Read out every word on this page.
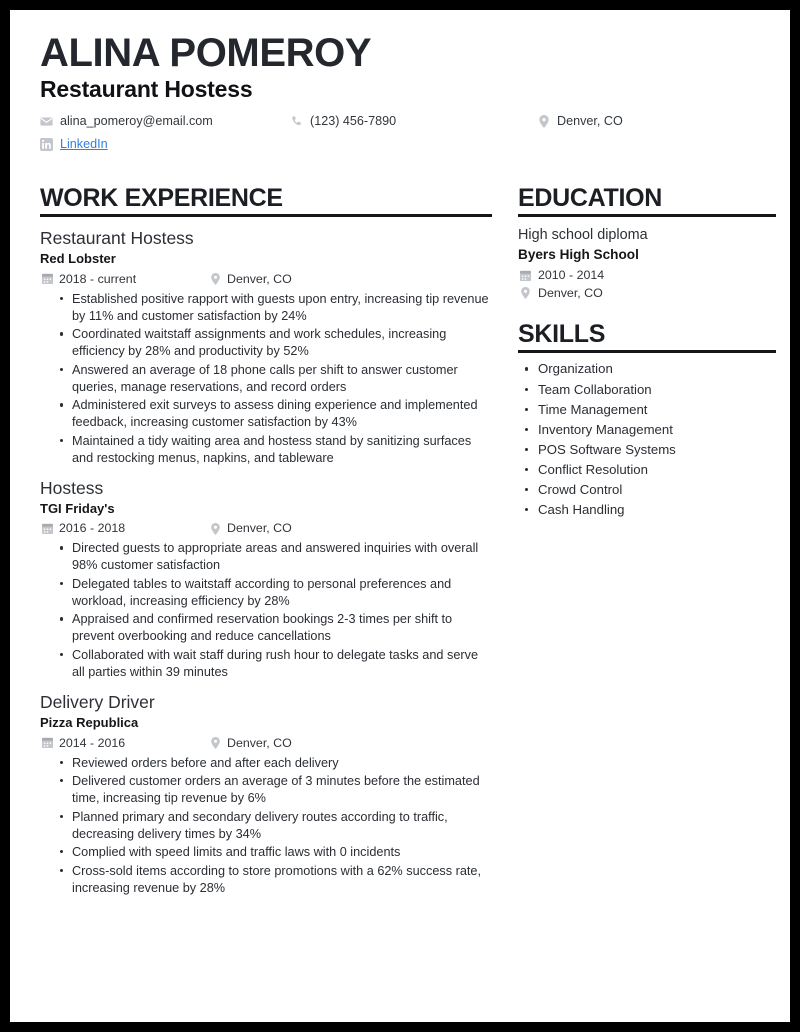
ALINA POMEROY
Restaurant Hostess
alina_pomeroy@email.com	(123) 456-7890	Denver, CO
LinkedIn
WORK EXPERIENCE

Restaurant Hostess

Red Lobster

2018 - current	Denver, CO
Established positive rapport with guests upon entry, increasing tip revenue by 11% and customer satisfaction by 24%
Coordinated waitstaff assignments and work schedules, increasing efficiency by 28% and productivity by 52%
Answered an average of 18 phone calls per shift to answer customer queries, manage reservations, and record orders
Administered exit surveys to assess dining experience and implemented feedback, increasing customer satisfaction by 43%
Maintained a tidy waiting area and hostess stand by sanitizing surfaces and restocking menus, napkins, and tableware

Hostess

TGI Friday's

2016 - 2018	Denver, CO
Directed guests to appropriate areas and answered inquiries with overall 98% customer satisfaction
Delegated tables to waitstaff according to personal preferences and workload, increasing efficiency by 28%
Appraised and confirmed reservation bookings 2-3 times per shift to prevent overbooking and reduce cancellations
Collaborated with wait staff during rush hour to delegate tasks and serve all parties within 39 minutes

Delivery Driver

Pizza Republica

2014 - 2016	Denver, CO
Reviewed orders before and after each delivery
Delivered customer orders an average of 3 minutes before the estimated time, increasing tip revenue by 6%
Planned primary and secondary delivery routes according to traffic, decreasing delivery times by 34%
Complied with speed limits and traffic laws with 0 incidents
Cross-sold items according to store promotions with a 62% success rate, increasing revenue by 28%
EDUCATION

High school diploma

Byers High School

2010 - 2014
Denver, CO
SKILLS
Organization
Team Collaboration
Time Management
Inventory Management
POS Software Systems
Conflict Resolution
Crowd Control
Cash Handling
